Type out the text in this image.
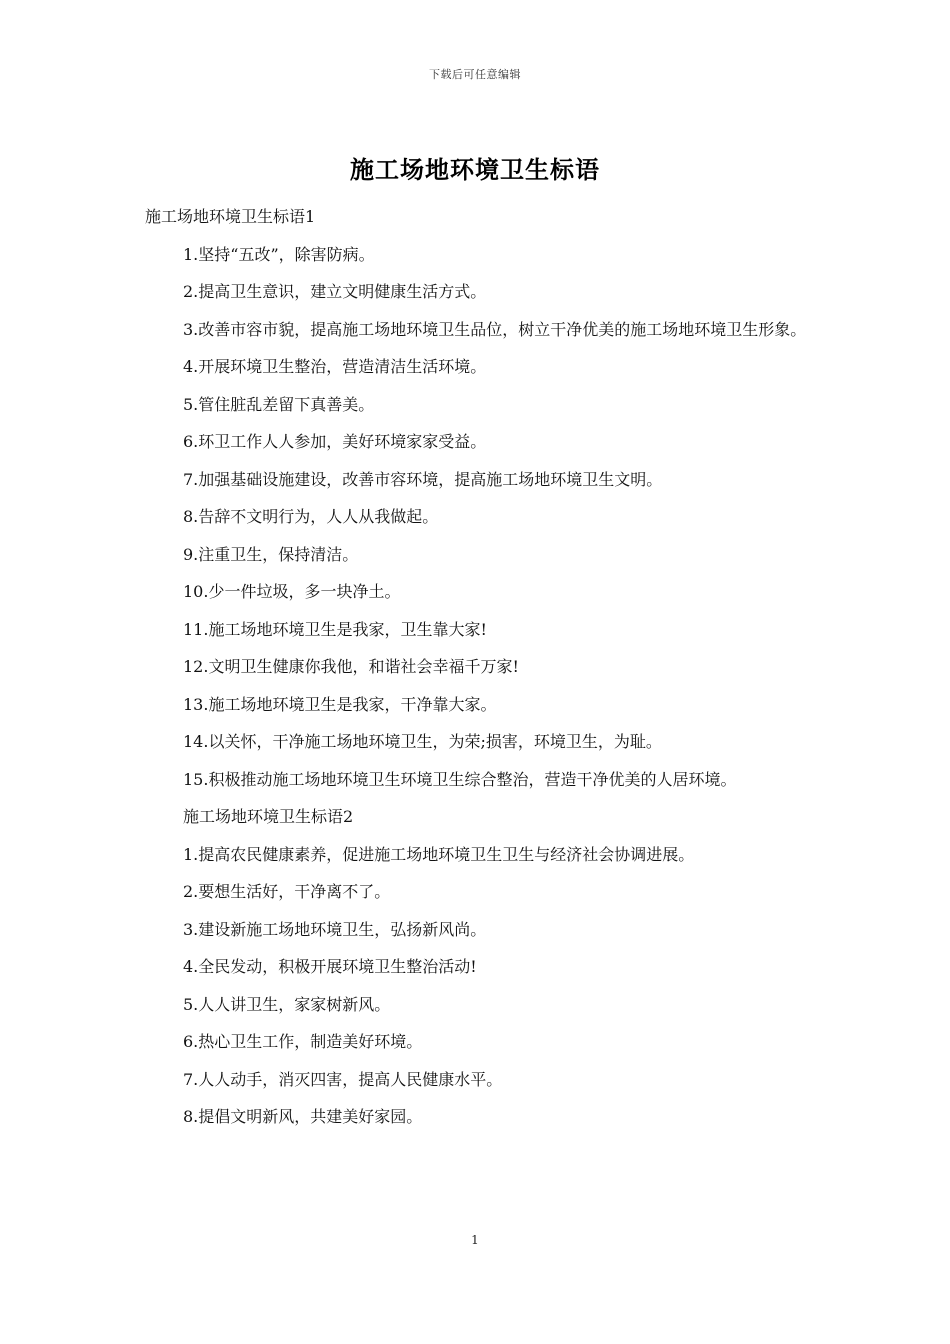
下载后可任意编辑
施工场地环境卫生标语

施工场地环境卫生标语1

1.坚持“五改”，除害防病。
2.提高卫生意识，建立文明健康生活方式。
3.改善市容市貌，提高施工场地环境卫生品位，树立干净优美的施工场地环境卫生形象。
4.开展环境卫生整治，营造清洁生活环境。
5.管住脏乱差留下真善美。
6.环卫工作人人参加，美好环境家家受益。
7.加强基础设施建设，改善市容环境，提高施工场地环境卫生文明。
8.告辞不文明行为，人人从我做起。
9.注重卫生，保持清洁。
10.少一件垃圾，多一块净土。
11.施工场地环境卫生是我家，卫生靠大家!
12.文明卫生健康你我他，和谐社会幸福千万家!
13.施工场地环境卫生是我家，干净靠大家。
14.以关怀，干净施工场地环境卫生，为荣;损害，环境卫生，为耻。
15.积极推动施工场地环境卫生环境卫生综合整治，营造干净优美的人居环境。

施工场地环境卫生标语2

1.提高农民健康素养，促进施工场地环境卫生卫生与经济社会协调进展。
2.要想生活好，干净离不了。
3.建设新施工场地环境卫生，弘扬新风尚。
4.全民发动，积极开展环境卫生整治活动!
5.人人讲卫生，家家树新风。
6.热心卫生工作，制造美好环境。
7.人人动手，消灭四害，提高人民健康水平。
8.提倡文明新风，共建美好家园。
1
